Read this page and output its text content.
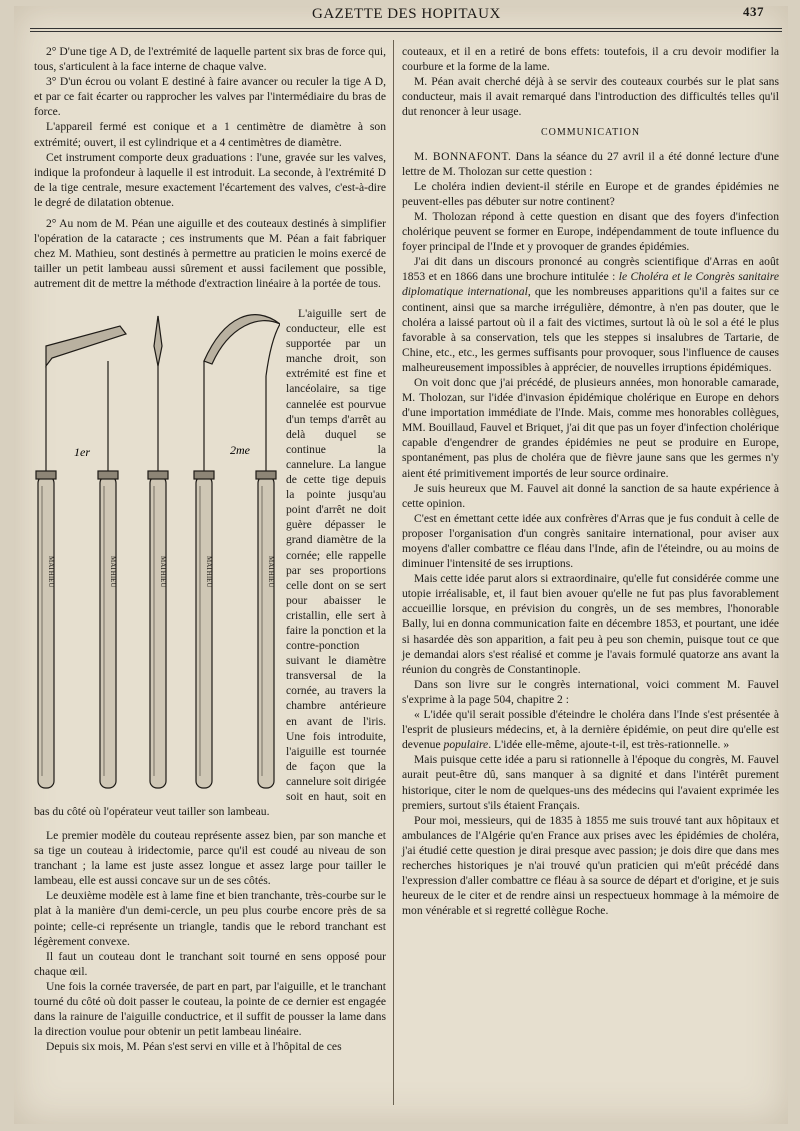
GAZETTE DES HOPITAUX	437

2° D'une tige A D, de l'extrémité de laquelle partent six bras de force qui, tous, s'articulent à la face interne de chaque valve.

3° D'un écrou ou volant E destiné à faire avancer ou reculer la tige A D, et par ce fait écarter ou rapprocher les valves par l'intermédiaire du bras de force.

L'appareil fermé est conique et a 1 centimètre de diamètre à son extrémité; ouvert, il est cylindrique et a 4 centimètres de diamètre.

Cet instrument comporte deux graduations : l'une, gravée sur les valves, indique la profondeur à laquelle il est introduit. La seconde, à l'extrémité D de la tige centrale, mesure exactement l'écartement des valves, c'est-à-dire le degré de dilatation obtenue.

2° Au nom de M. Péan une aiguille et des couteaux destinés à simplifier l'opération de la cataracte ; ces instruments que M. Péan a fait fabriquer chez M. Mathieu, sont destinés à permettre au praticien le moins exercé de tailler un petit lambeau aussi sûrement et aussi facilement que possible, autrement dit de mettre la méthode d'extraction linéaire à la portée de tous.

1er	2me
MATHIEU	MATHIEU	MATHIEU	MATHIEU	MATHIEU

L'aiguille sert de conducteur, elle est supportée par un manche droit, son extrémité est fine et lancéolaire, sa tige cannelée est pourvue d'un temps d'arrêt au delà duquel se continue la cannelure. La langue de cette tige depuis la pointe jusqu'au point d'arrêt ne doit guère dépasser le grand diamètre de la cornée; elle rappelle par ses proportions celle dont on se sert pour abaisser le cristallin, elle sert à faire la ponction et la contre-ponction suivant le diamètre transversal de la cornée, au travers la chambre antérieure en avant de l'iris. Une fois introduite, l'aiguille est tournée de façon que la cannelure soit dirigée soit en haut, soit en bas du côté où l'opérateur veut tailler son lambeau.

Le premier modèle du couteau représente assez bien, par son manche et sa tige un couteau à iridectomie, parce qu'il est coudé au niveau de son tranchant ; la lame est juste assez longue et assez large pour tailler le lambeau, elle est aussi concave sur un de ses côtés.

Le deuxième modèle est à lame fine et bien tranchante, très-courbe sur le plat à la manière d'un demi-cercle, un peu plus courbe encore près de sa pointe; celle-ci représente un triangle, tandis que le rebord tranchant est légèrement convexe.

Il faut un couteau dont le tranchant soit tourné en sens opposé pour chaque œil.

Une fois la cornée traversée, de part en part, par l'aiguille, et le tranchant tourné du côté où doit passer le couteau, la pointe de ce dernier est engagée dans la rainure de l'aiguille conductrice, et il suffit de pousser la lame dans la direction voulue pour obtenir un petit lambeau linéaire.

Depuis six mois, M. Péan s'est servi en ville et à l'hôpital de ces

couteaux, et il en a retiré de bons effets: toutefois, il a cru devoir modifier la courbure et la forme de la lame.

M. Péan avait cherché déjà à se servir des couteaux courbés sur le plat sans conducteur, mais il avait remarqué dans l'introduction des difficultés telles qu'il dut renoncer à leur usage.

COMMUNICATION

M. BONNAFONT. Dans la séance du 27 avril il a été donné lecture d'une lettre de M. Tholozan sur cette question :

Le choléra indien devient-il stérile en Europe et de grandes épidémies ne peuvent-elles pas débuter sur notre continent?

M. Tholozan répond à cette question en disant que des foyers d'infection cholérique peuvent se former en Europe, indépendamment de toute influence du foyer principal de l'Inde et y provoquer de grandes épidémies.

J'ai dit dans un discours prononcé au congrès scientifique d'Arras en août 1853 et en 1866 dans une brochure intitulée : le Choléra et le Congrès sanitaire diplomatique international, que les nombreuses apparitions qu'il a faites sur ce continent, ainsi que sa marche irrégulière, démontre, à n'en pas douter, que le choléra a laissé partout où il a fait des victimes, surtout là où le sol a été le plus favorable à sa conservation, tels que les steppes si insalubres de Tartarie, de Chine, etc., etc., les germes suffisants pour provoquer, sous l'influence de causes malheureusement impossibles à apprécier, de nouvelles irruptions épidémiques.

On voit donc que j'ai précédé, de plusieurs années, mon honorable camarade, M. Tholozan, sur l'idée d'invasion épidémique cholérique en Europe en dehors d'une importation immédiate de l'Inde. Mais, comme mes honorables collègues, MM. Bouillaud, Fauvel et Briquet, j'ai dit que pas un foyer d'infection cholérique capable d'engendrer de grandes épidémies ne peut se produire en Europe, spontanément, pas plus de choléra que de fièvre jaune sans que les germes n'y aient été primitivement importés de leur source ordinaire.

Je suis heureux que M. Fauvel ait donné la sanction de sa haute expérience à cette opinion.

C'est en émettant cette idée aux confrères d'Arras que je fus conduit à celle de proposer l'organisation d'un congrès sanitaire international, pour aviser aux moyens d'aller combattre ce fléau dans l'Inde, afin de l'éteindre, ou au moins de diminuer l'intensité de ses irruptions.

Mais cette idée parut alors si extraordinaire, qu'elle fut considérée comme une utopie irréalisable, et, il faut bien avouer qu'elle ne fut pas plus favorablement accueillie lorsque, en prévision du congrès, un de ses membres, l'honorable Bally, lui en donna communication faite en décembre 1853, et pourtant, une idée si hasardée dès son apparition, a fait peu à peu son chemin, puisque tout ce que je demandai alors s'est réalisé et comme je l'avais formulé quatorze ans avant la réunion du congrès de Constantinople.

Dans son livre sur le congrès international, voici comment M. Fauvel s'exprime à la page 504, chapitre 2 :

« L'idée qu'il serait possible d'éteindre le choléra dans l'Inde s'est présentée à l'esprit de plusieurs médecins, et, à la dernière épidémie, on peut dire qu'elle est devenue populaire. L'idée elle-même, ajoute-t-il, est très-rationnelle. »

Mais puisque cette idée a paru si rationnelle à l'époque du congrès, M. Fauvel aurait peut-être dû, sans manquer à sa dignité et dans l'intérêt purement historique, citer le nom de quelques-uns des médecins qui l'avaient exprimée les premiers, surtout s'ils étaient Français.

Pour moi, messieurs, qui de 1835 à 1855 me suis trouvé tant aux hôpitaux et ambulances de l'Algérie qu'en France aux prises avec les épidémies de choléra, j'ai étudié cette question je dirai presque avec passion; je dois dire que dans mes recherches historiques je n'ai trouvé qu'un praticien qui m'eût précédé dans l'expression d'aller combattre ce fléau à sa source de départ et d'origine, et je suis heureux de le citer et de rendre ainsi un respectueux hommage à la mémoire de mon vénérable et si regretté collègue Roche.
